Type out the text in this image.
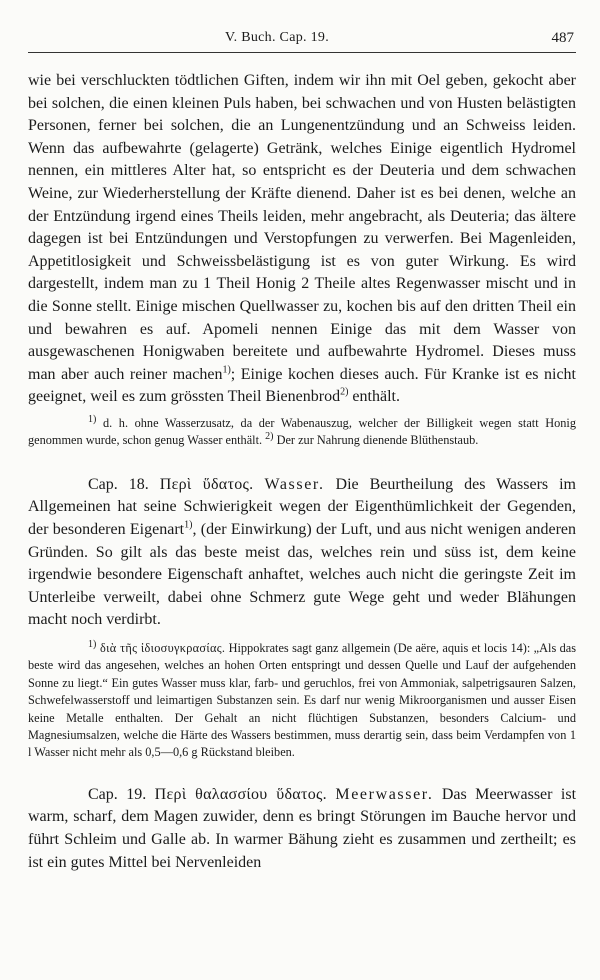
V. Buch. Cap. 19.	487

wie bei verschluckten tödtlichen Giften, indem wir ihn mit Oel geben, gekocht aber bei solchen, die einen kleinen Puls haben, bei schwachen und von Husten belästigten Personen, ferner bei solchen, die an Lungenentzündung und an Schweiss leiden. Wenn das aufbewahrte (gelagerte) Getränk, welches Einige eigentlich Hydromel nennen, ein mittleres Alter hat, so entspricht es der Deuteria und dem schwachen Weine, zur Wiederherstellung der Kräfte dienend. Daher ist es bei denen, welche an der Entzündung irgend eines Theils leiden, mehr angebracht, als Deuteria; das ältere dagegen ist bei Entzündungen und Verstopfungen zu verwerfen. Bei Magenleiden, Appetitlosigkeit und Schweissbelästigung ist es von guter Wirkung. Es wird dargestellt, indem man zu 1 Theil Honig 2 Theile altes Regenwasser mischt und in die Sonne stellt. Einige mischen Quellwasser zu, kochen bis auf den dritten Theil ein und bewahren es auf. Apomeli nennen Einige das mit dem Wasser von ausgewaschenen Honigwaben bereitete und aufbewahrte Hydromel. Dieses muss man aber auch reiner machen$^{1)}$; Einige kochen dieses auch. Für Kranke ist es nicht geeignet, weil es zum grössten Theil Bienenbrod$^{2)}$ enthält.

$^{1)}$ d. h. ohne Wasserzusatz, da der Wabenauszug, welcher der Billigkeit wegen statt Honig genommen wurde, schon genug Wasser enthält. $^{2)}$ Der zur Nahrung dienende Blüthenstaub.

Cap. 18. Περὶ ὕδατος. Wasser. Die Beurtheilung des Wassers im Allgemeinen hat seine Schwierigkeit wegen der Eigenthümlichkeit der Gegenden, der besonderen Eigenart$^{1)}$, (der Einwirkung) der Luft, und aus nicht wenigen anderen Gründen. So gilt als das beste meist das, welches rein und süss ist, dem keine irgendwie besondere Eigenschaft anhaftet, welches auch nicht die geringste Zeit im Unterleibe verweilt, dabei ohne Schmerz gute Wege geht und weder Blähungen macht noch verdirbt.

$^{1)}$ διὰ τῆς ἰδιοσυγκρασίας. Hippokrates sagt ganz allgemein (De aëre, aquis et locis 14): „Als das beste wird das angesehen, welches an hohen Orten entspringt und dessen Quelle und Lauf der aufgehenden Sonne zu liegt.“ Ein gutes Wasser muss klar, farb- und geruchlos, frei von Ammoniak, salpetrigsauren Salzen, Schwefelwasserstoff und leimartigen Substanzen sein. Es darf nur wenig Mikroorganismen und ausser Eisen keine Metalle enthalten. Der Gehalt an nicht flüchtigen Substanzen, besonders Calcium- und Magnesiumsalzen, welche die Härte des Wassers bestimmen, muss derartig sein, dass beim Verdampfen von 1 l Wasser nicht mehr als 0,5—0,6 g Rückstand bleiben.

Cap. 19. Περὶ θαλασσίου ὕδατος. Meerwasser. Das Meerwasser ist warm, scharf, dem Magen zuwider, denn es bringt Störungen im Bauche hervor und führt Schleim und Galle ab. In warmer Bähung zieht es zusammen und zertheilt; es ist ein gutes Mittel bei Nervenleiden
